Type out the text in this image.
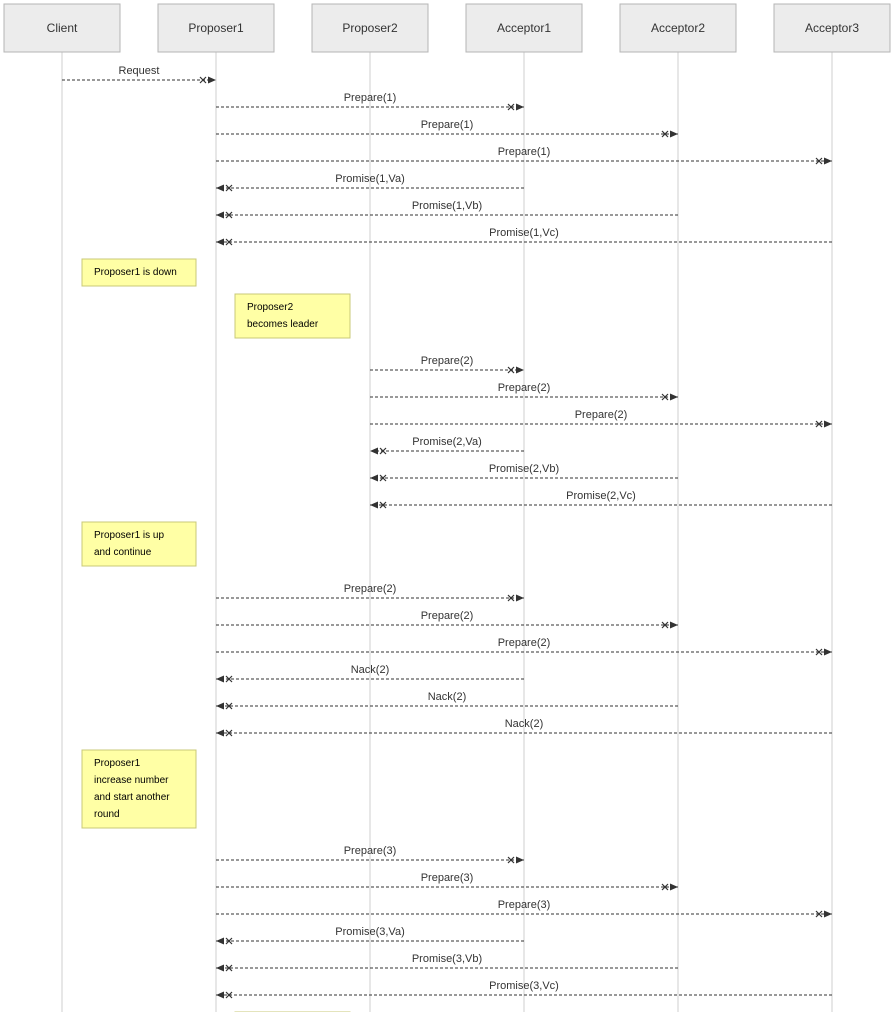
Client	Proposer1	Proposer2	Acceptor1	Acceptor2	Acceptor3
Proposer1 is down
Proposer2
becomes leader
Proposer1 is up
and continue
Proposer1
increase number
and start another
round
Request
Prepare(1)
Prepare(1)
Prepare(1)
Promise(1,Va)
Promise(1,Vb)
Promise(1,Vc)
Prepare(2)
Prepare(2)
Prepare(2)
Promise(2,Va)
Promise(2,Vb)
Promise(2,Vc)
Prepare(2)
Prepare(2)
Prepare(2)
Nack(2)
Nack(2)
Nack(2)
Prepare(3)
Prepare(3)
Prepare(3)
Promise(3,Va)
Promise(3,Vb)
Promise(3,Vc)
